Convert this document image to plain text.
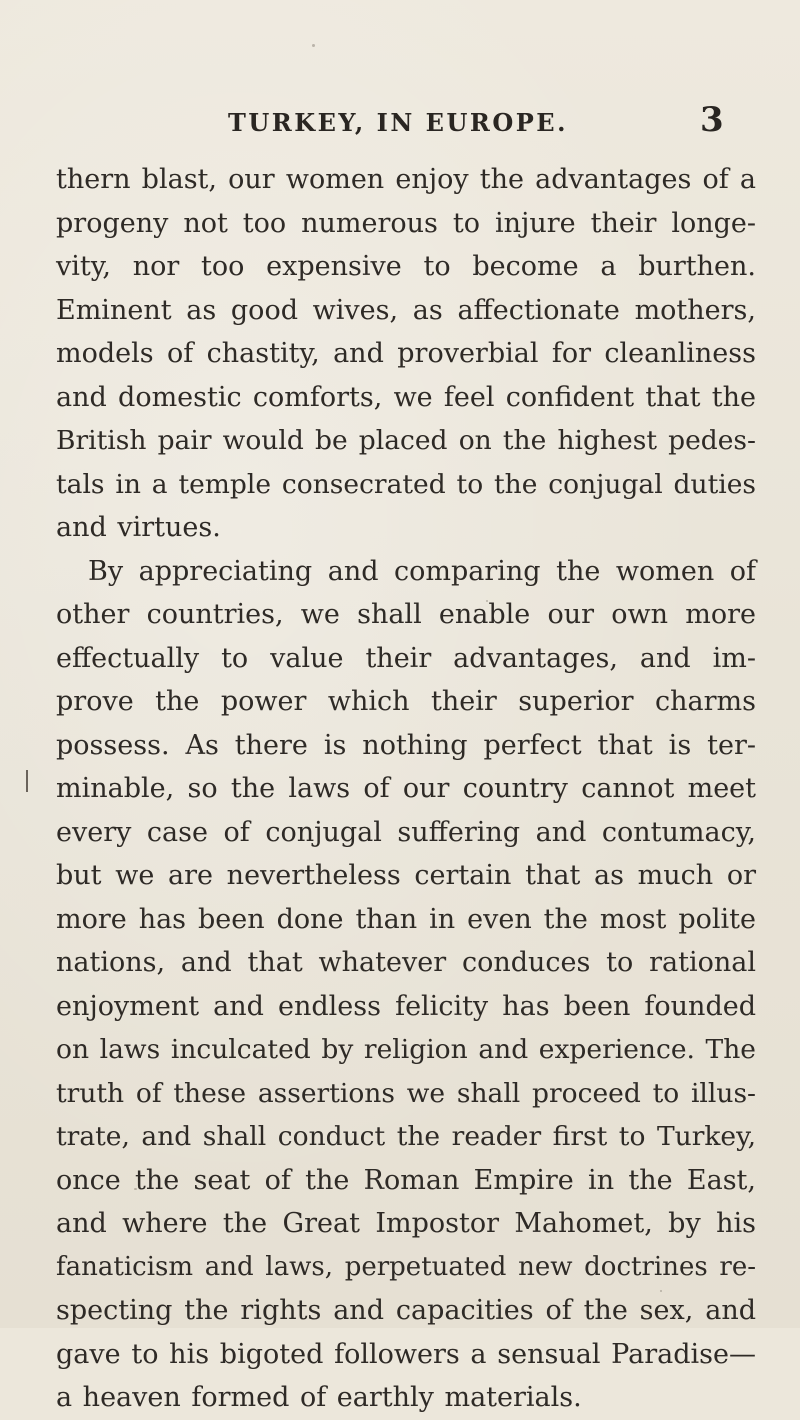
TURKEY, IN EUROPE.	3
thern blast, our women enjoy the advantages of a
progeny not too numerous to injure their longe-
vity, nor too expensive to become a burthen.
Eminent as good wives, as affectionate mothers,
models of chastity, and proverbial for cleanliness
and domestic comforts, we feel confident that the
British pair would be placed on the highest pedes-
tals in a temple consecrated to the conjugal duties
and virtues.
By appreciating and comparing the women of
other countries, we shall enable our own more
effectually to value their advantages, and im-
prove the power which their superior charms
possess. As there is nothing perfect that is ter-
minable, so the laws of our country cannot meet
every case of conjugal suffering and contumacy,
but we are nevertheless certain that as much or
more has been done than in even the most polite
nations, and that whatever conduces to rational
enjoyment and endless felicity has been founded
on laws inculcated by religion and experience. The
truth of these assertions we shall proceed to illus-
trate, and shall conduct the reader first to Turkey,
once the seat of the Roman Empire in the East,
and where the Great Impostor Mahomet, by his
fanaticism and laws, perpetuated new doctrines re-
specting the rights and capacities of the sex, and
gave to his bigoted followers a sensual Paradise—
a heaven formed of earthly materials.
